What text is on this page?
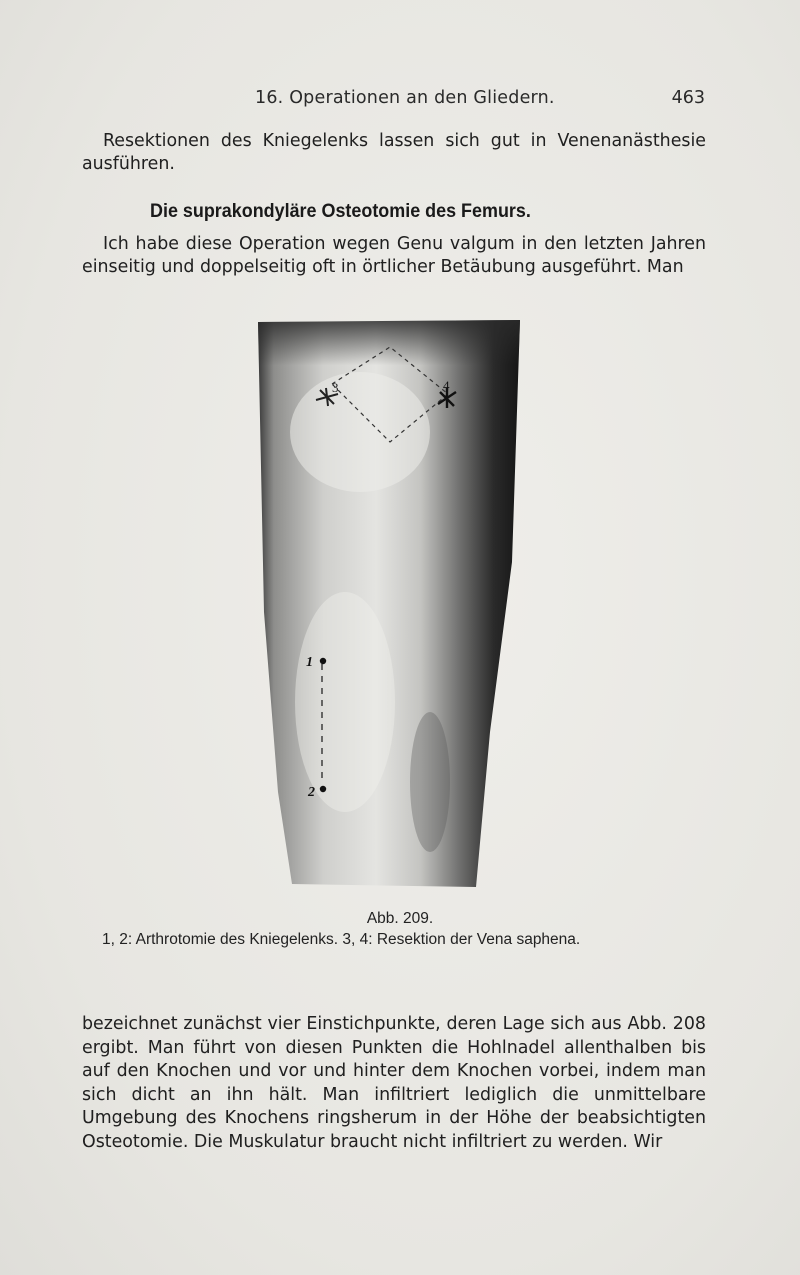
16. Operationen an den Gliedern.	463

Resektionen des Kniegelenks lassen sich gut in Venenanästhesie ausführen.

Die suprakondyläre Osteotomie des Femurs.

Ich habe diese Operation wegen Genu valgum in den letzten Jahren einseitig und doppelseitig oft in örtlicher Betäubung ausgeführt. Man

1
2
3	4
Abb. 209.
1, 2: Arthrotomie des Kniegelenks. 3, 4: Resektion der Vena saphena.

bezeichnet zunächst vier Einstichpunkte, deren Lage sich aus Abb. 208 ergibt. Man führt von diesen Punkten die Hohlnadel allenthalben bis auf den Knochen und vor und hinter dem Knochen vorbei, indem man sich dicht an ihn hält. Man infiltriert lediglich die unmittelbare Umgebung des Knochens ringsherum in der Höhe der beabsichtigten Osteotomie. Die Muskulatur braucht nicht infiltriert zu werden. Wir
